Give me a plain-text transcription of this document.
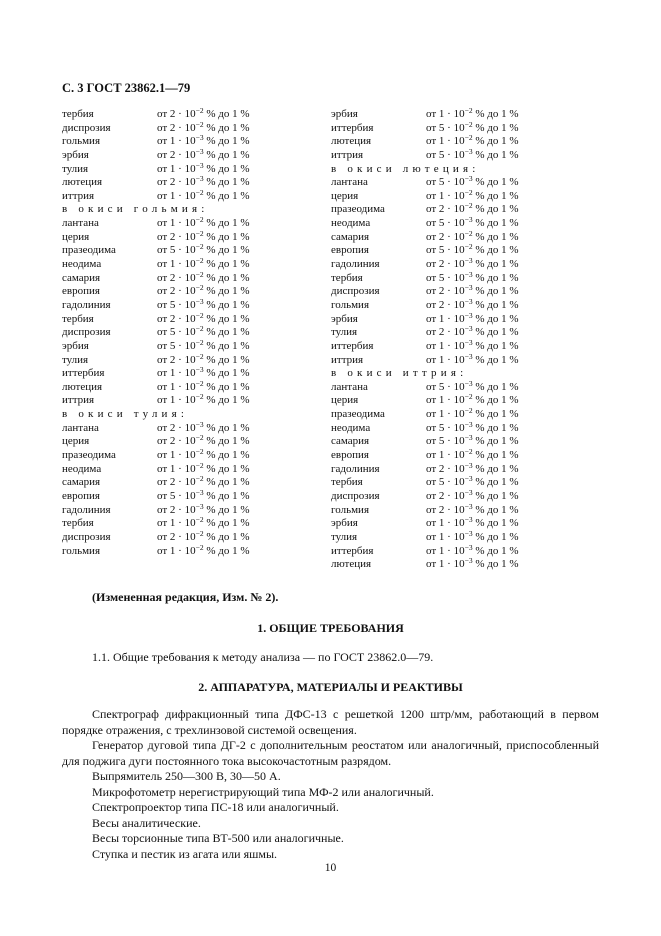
С. 3 ГОСТ 23862.1—79
тербия	от $2 \cdot 10^{-2}$ % до 1 %
диспрозия	от $2 \cdot 10^{-2}$ % до 1 %
гольмия	от $1 \cdot 10^{-3}$ % до 1 %
эрбия	от $2 \cdot 10^{-3}$ % до 1 %
тулия	от $1 \cdot 10^{-3}$ % до 1 %
лютеция	от $2 \cdot 10^{-3}$ % до 1 %
иттрия	от $1 \cdot 10^{-2}$ % до 1 %
в окиси гольмия:
лантана	от $1 \cdot 10^{-2}$ % до 1 %
церия	от $2 \cdot 10^{-2}$ % до 1 %
празеодима	от $5 \cdot 10^{-2}$ % до 1 %
неодима	от $1 \cdot 10^{-2}$ % до 1 %
самария	от $2 \cdot 10^{-2}$ % до 1 %
европия	от $2 \cdot 10^{-2}$ % до 1 %
гадолиния	от $5 \cdot 10^{-3}$ % до 1 %
тербия	от $2 \cdot 10^{-2}$ % до 1 %
диспрозия	от $5 \cdot 10^{-2}$ % до 1 %
эрбия	от $5 \cdot 10^{-2}$ % до 1 %
тулия	от $2 \cdot 10^{-2}$ % до 1 %
иттербия	от $1 \cdot 10^{-3}$ % до 1 %
лютеция	от $1 \cdot 10^{-2}$ % до 1 %
иттрия	от $1 \cdot 10^{-2}$ % до 1 %
в окиси тулия:
лантана	от $2 \cdot 10^{-3}$ % до 1 %
церия	от $2 \cdot 10^{-2}$ % до 1 %
празеодима	от $1 \cdot 10^{-2}$ % до 1 %
неодима	от $1 \cdot 10^{-2}$ % до 1 %
самария	от $2 \cdot 10^{-2}$ % до 1 %
европия	от $5 \cdot 10^{-3}$ % до 1 %
гадолиния	от $2 \cdot 10^{-3}$ % до 1 %
тербия	от $1 \cdot 10^{-2}$ % до 1 %
диспрозия	от $2 \cdot 10^{-2}$ % до 1 %
гольмия	от $1 \cdot 10^{-2}$ % до 1 %
эрбия	от $1 \cdot 10^{-2}$ % до 1 %
иттербия	от $5 \cdot 10^{-2}$ % до 1 %
лютеция	от $1 \cdot 10^{-2}$ % до 1 %
иттрия	от $5 \cdot 10^{-3}$ % до 1 %
в окиси лютеция:
лантана	от $5 \cdot 10^{-3}$ % до 1 %
церия	от $1 \cdot 10^{-2}$ % до 1 %
празеодима	от $2 \cdot 10^{-2}$ % до 1 %
неодима	от $5 \cdot 10^{-3}$ % до 1 %
самария	от $2 \cdot 10^{-2}$ % до 1 %
европия	от $5 \cdot 10^{-2}$ % до 1 %
гадолиния	от $2 \cdot 10^{-3}$ % до 1 %
тербия	от $5 \cdot 10^{-3}$ % до 1 %
диспрозия	от $2 \cdot 10^{-3}$ % до 1 %
гольмия	от $2 \cdot 10^{-3}$ % до 1 %
эрбия	от $1 \cdot 10^{-3}$ % до 1 %
тулия	от $2 \cdot 10^{-3}$ % до 1 %
иттербия	от $1 \cdot 10^{-3}$ % до 1 %
иттрия	от $1 \cdot 10^{-3}$ % до 1 %
в окиси иттрия:
лантана	от $5 \cdot 10^{-3}$ % до 1 %
церия	от $1 \cdot 10^{-2}$ % до 1 %
празеодима	от $1 \cdot 10^{-2}$ % до 1 %
неодима	от $5 \cdot 10^{-3}$ % до 1 %
самария	от $5 \cdot 10^{-3}$ % до 1 %
европия	от $1 \cdot 10^{-2}$ % до 1 %
гадолиния	от $2 \cdot 10^{-3}$ % до 1 %
тербия	от $5 \cdot 10^{-3}$ % до 1 %
диспрозия	от $2 \cdot 10^{-3}$ % до 1 %
гольмия	от $2 \cdot 10^{-3}$ % до 1 %
эрбия	от $1 \cdot 10^{-3}$ % до 1 %
тулия	от $1 \cdot 10^{-3}$ % до 1 %
иттербия	от $1 \cdot 10^{-3}$ % до 1 %
лютеция	от $1 \cdot 10^{-3}$ % до 1 %
(Измененная редакция, Изм. № 2).
1. ОБЩИЕ ТРЕБОВАНИЯ

1.1. Общие требования к методу анализа — по ГОСТ 23862.0—79.

2. АППАРАТУРА, МАТЕРИАЛЫ И РЕАКТИВЫ

Спектрограф дифракционный типа ДФС-13 с решеткой 1200 штр/мм, работающий в первом порядке отражения, с трехлинзовой системой освещения.

Генератор дуговой типа ДГ-2 с дополнительным реостатом или аналогичный, приспособленный для поджига дуги постоянного тока высокочастотным разрядом.

Выпрямитель 250—300 В, 30—50 А.

Микрофотометр нерегистрирующий типа МФ-2 или аналогичный.

Спектропроектор типа ПС-18 или аналогичный.

Весы аналитические.

Весы торсионные типа ВТ-500 или аналогичные.

Ступка и пестик из агата или яшмы.

10
